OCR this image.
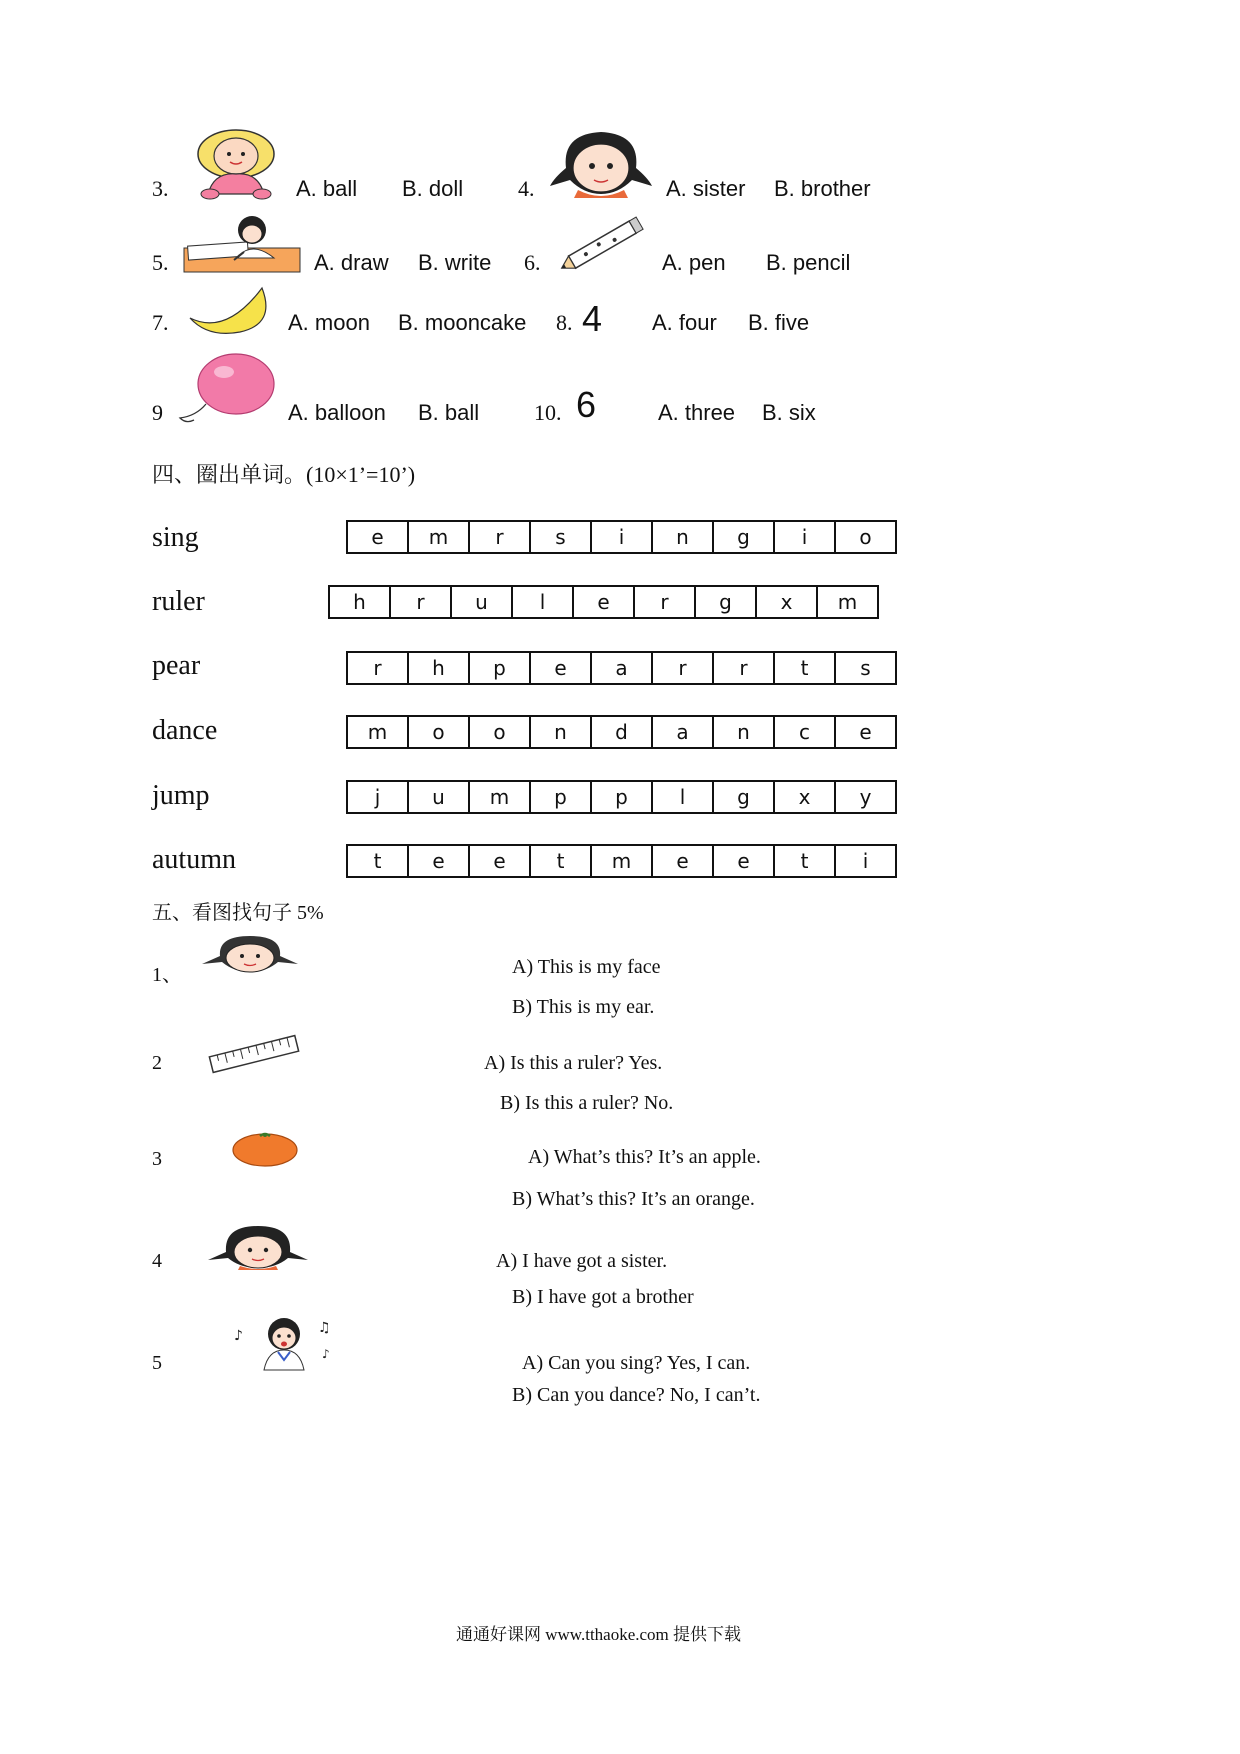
3.	A. ball B. doll 4.	A. sister B. brother
5.	A. draw B. write 6.	A. pen B. pencil
7.	A. moon B. mooncake 8. 4 A. four B. five
9	A. balloon B. ball 10. 6	A. three B. six
四、圈出单词。(10×1’=10’)
sing	e	m	r	s	i	n	g	i	o
ruler	h	r	u	l	e	r	g	x	m
pear	r	h	p	e	a	r	r	t	s
dance	m	o	o	n	d	a	n	c	e
jump	j	u	m	p	p	l	g	x	y
autumn	t	e	e	t	m	e	e	t	i
五、看图找句子 5%
1、	A) This is my face
B) This is my ear.
2	A) Is this a ruler? Yes.
B) Is this a ruler? No.
3	A) What’s this? It’s an apple.
B) What’s this? It’s an orange.
4	A) I have got a sister.
B) I have got a brother
5
♪	♫
♪	A) Can you sing? Yes, I can.
B) Can you dance? No, I can’t.
通通好课网 www.tthaoke.com 提供下载
